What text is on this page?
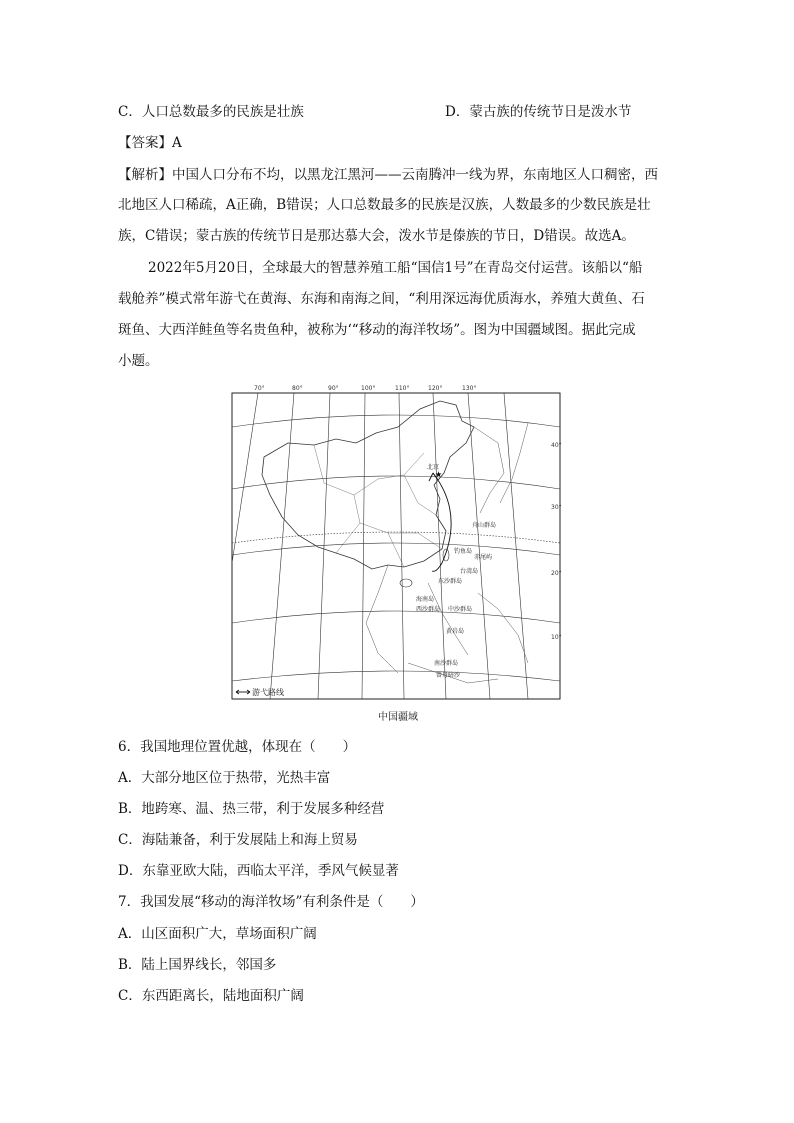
C．人口总数最多的民族是壮族	D．蒙古族的传统节日是泼水节
【答案】A
【解析】中国人口分布不均，以黑龙江黑河——云南腾冲一线为界，东南地区人口稠密，西
北地区人口稀疏，A正确，B错误；人口总数最多的民族是汉族，人数最多的少数民族是壮
族，C错误；蒙古族的传统节日是那达慕大会，泼水节是傣族的节日，D错误。故选A。
2022年5月20日，全球最大的智慧养殖工船“国信1号”在青岛交付运营。该船以“船
载舱养”模式常年游弋在黄海、东海和南海之间，“利用深远海优质海水，养殖大黄鱼、石
斑鱼、大西洋鲑鱼等名贵鱼种，被称为‘“移动的海洋牧场”。图为中国疆域图。据此完成
小题。
70°	80°	90°	100°	110°	120°	130°
40°
30°
20°
10°
北京
★
舟山群岛
钓鱼岛
赤尾屿
台湾岛
东沙群岛
海南岛
西沙群岛 中沙群岛
黄岩岛
南沙群岛
曾母暗沙
游弋路线
中国疆域
6．我国地理位置优越，体现在（　　）
A．大部分地区位于热带，光热丰富
B．地跨寒、温、热三带，利于发展多种经营
C．海陆兼备，利于发展陆上和海上贸易
D．东靠亚欧大陆，西临太平洋，季风气候显著
7．我国发展“移动的海洋牧场”有利条件是（　　）
A．山区面积广大，草场面积广阔
B．陆上国界线长，邻国多
C．东西距离长，陆地面积广阔
